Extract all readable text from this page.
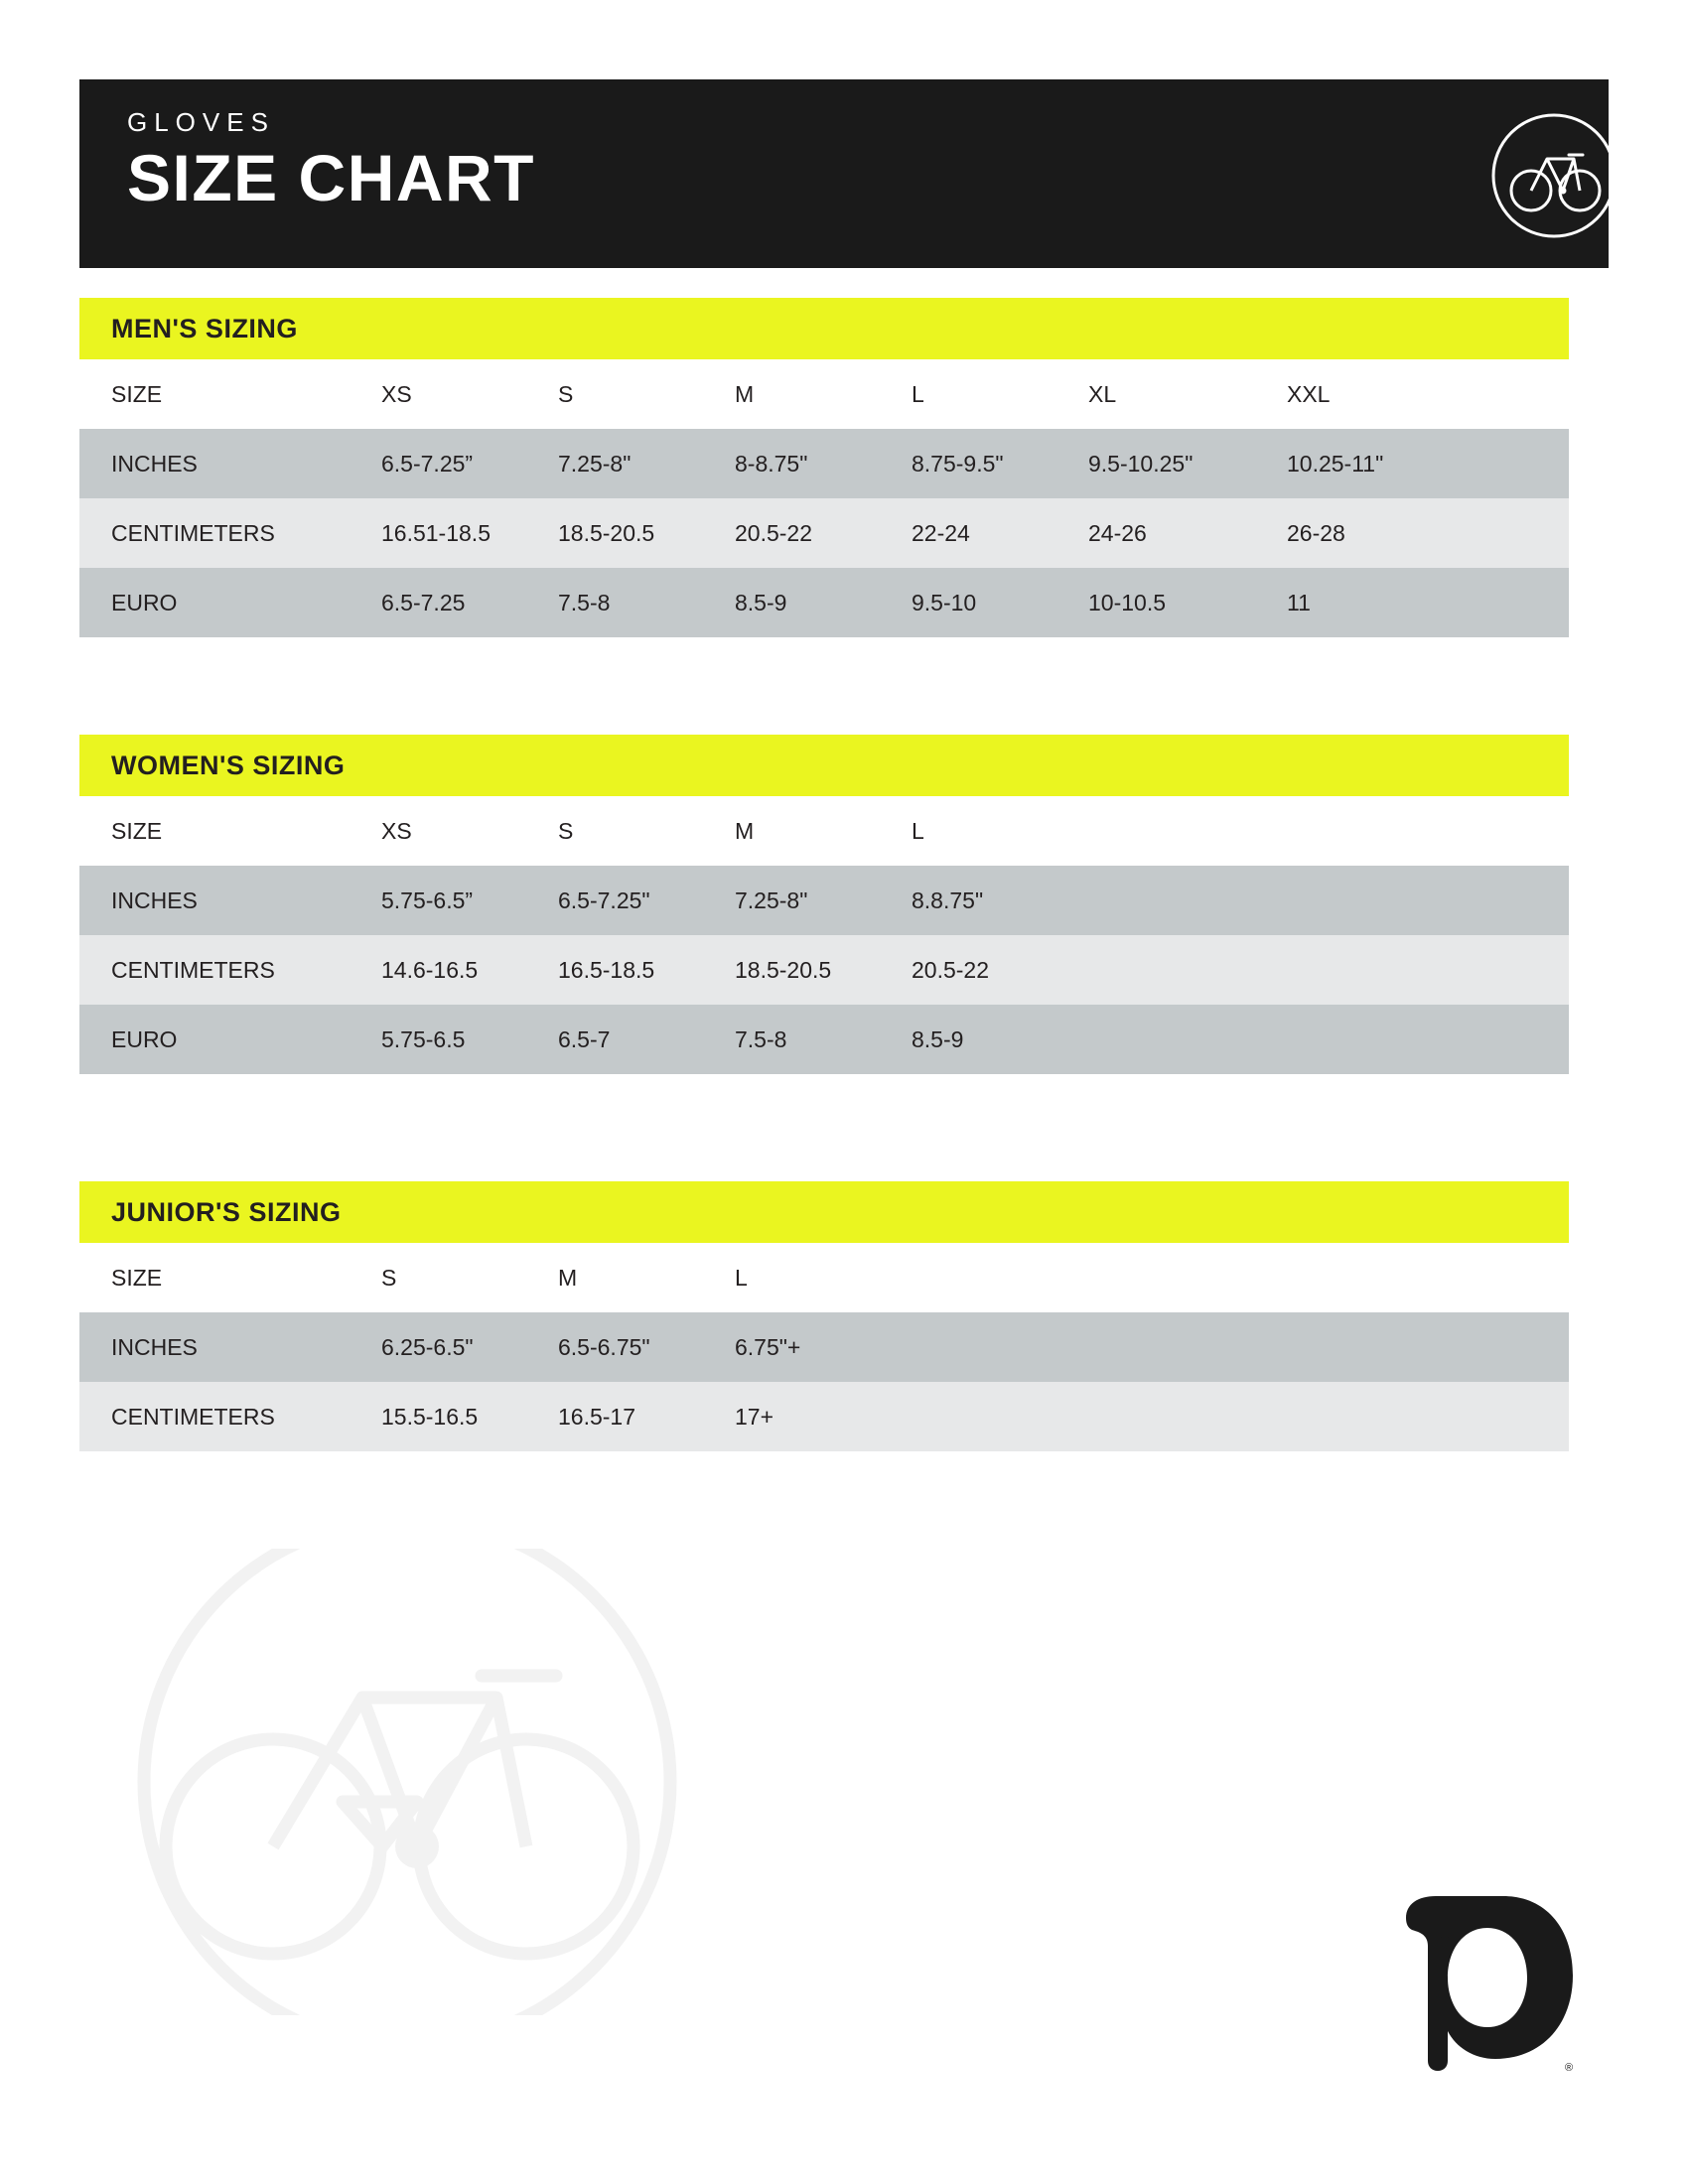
GLOVES
SIZE CHART
MEN'S SIZING
SIZE	XS	S	M	L	XL	XXL
INCHES	6.5-7.25”	7.25-8"	8-8.75"	8.75-9.5"	9.5-10.25"	10.25-11"
CENTIMETERS	16.51-18.5	18.5-20.5	20.5-22	22-24	24-26	26-28
EURO	6.5-7.25	7.5-8	8.5-9	9.5-10	10-10.5	11
WOMEN'S SIZING
SIZE	XS	S	M	L
INCHES	5.75-6.5”	6.5-7.25"	7.25-8"	8.8.75"
CENTIMETERS	14.6-16.5	16.5-18.5	18.5-20.5	20.5-22
EURO	5.75-6.5	6.5-7	7.5-8	8.5-9
JUNIOR'S SIZING
SIZE	S	M	L
INCHES	6.25-6.5"	6.5-6.75"	6.75"+
CENTIMETERS	15.5-16.5	16.5-17	17+
®
